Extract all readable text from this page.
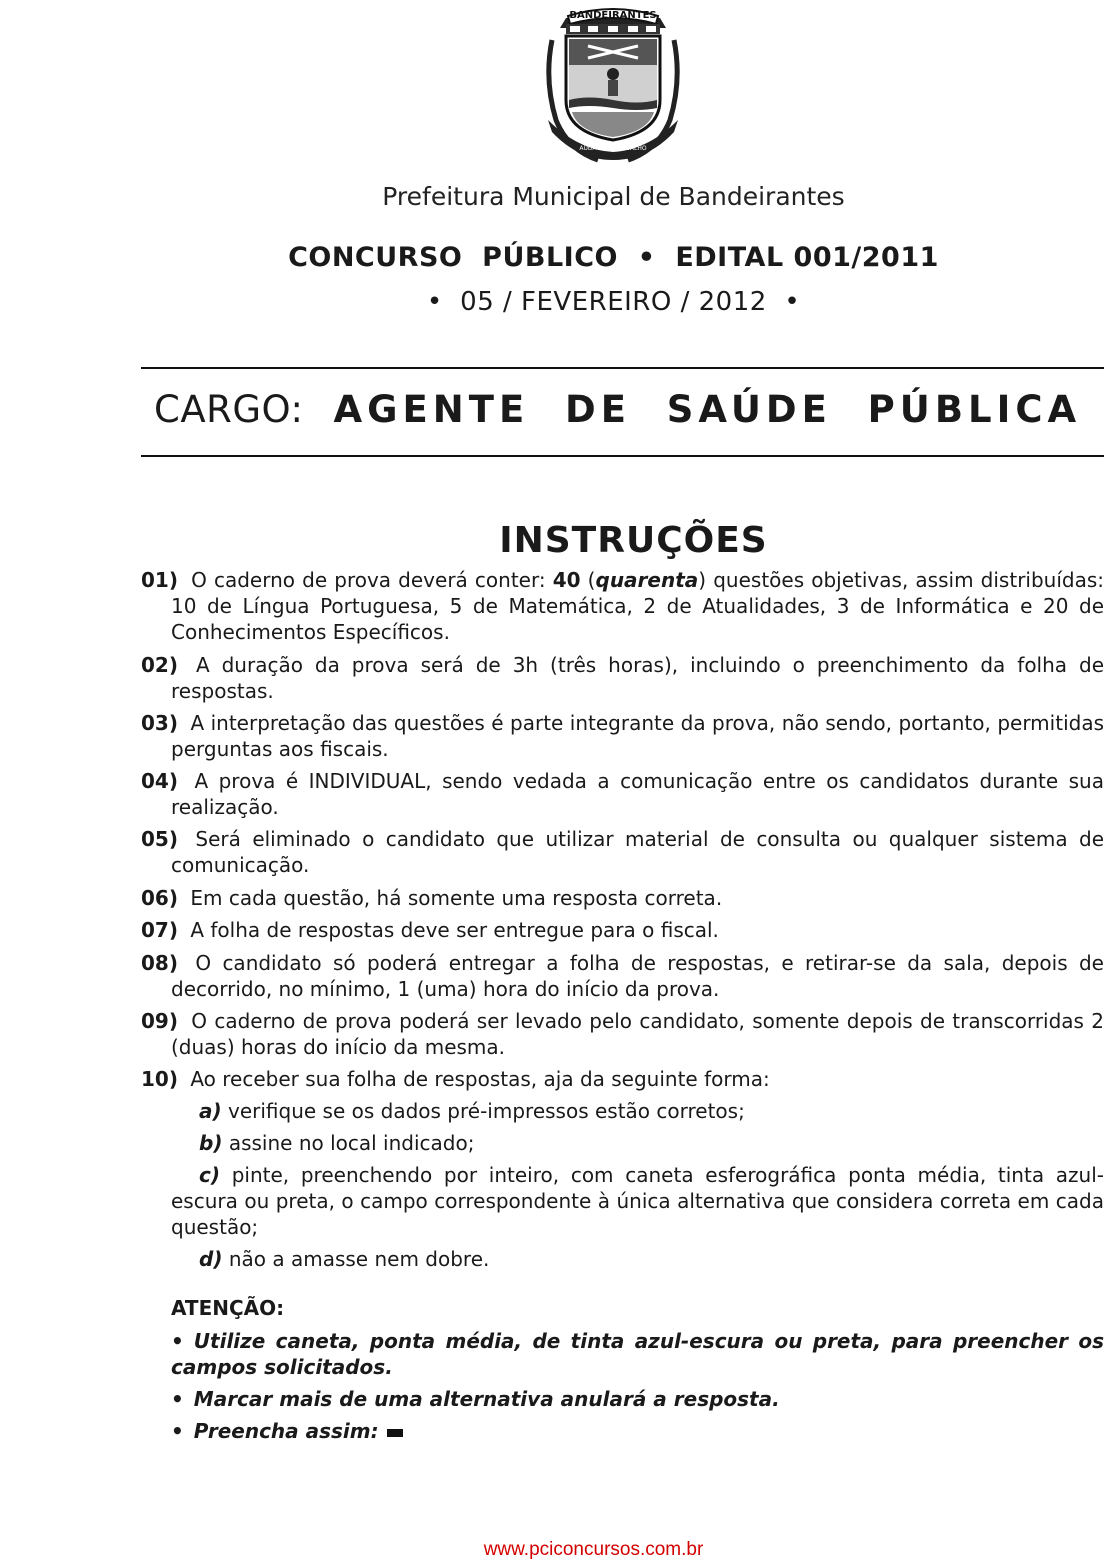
BANDEIRANTES
AUDÁCIA E TRABALHO
Prefeitura Municipal de Bandeirantes
CONCURSO  PÚBLICO  •  EDITAL 001/2011
•  05 / FEVEREIRO / 2012  •
CARGO: AGENTE  DE  SAÚDE  PÚBLICA
INSTRUÇÕES
01) O caderno de prova deverá conter: 40 (quarenta) questões objetivas, assim distribuídas: 10 de Língua Portuguesa, 5 de Matemática, 2 de Atualidades, 3 de Informática e 20 de Conhecimentos Específicos.
02) A duração da prova será de 3h (três horas), incluindo o preenchimento da folha de respostas.
03) A interpretação das questões é parte integrante da prova, não sendo, portanto, permitidas perguntas aos fiscais.
04) A prova é INDIVIDUAL, sendo vedada a comunicação entre os candidatos durante sua realização.
05) Será eliminado o candidato que utilizar material de consulta ou qualquer sistema de comunicação.
06) Em cada questão, há somente uma resposta correta.
07) A folha de respostas deve ser entregue para o fiscal.
08) O candidato só poderá entregar a folha de respostas, e retirar-se da sala, depois de decorrido, no mínimo, 1 (uma) hora do início da prova.
09) O caderno de prova poderá ser levado pelo candidato, somente depois de transcorridas 2 (duas) horas do início da mesma.
10) Ao receber sua folha de respostas, aja da seguinte forma:
a) verifique se os dados pré-impressos estão corretos;
b) assine no local indicado;
c) pinte, preenchendo por inteiro, com caneta esferográfica ponta média, tinta azul-escura ou preta, o campo correspondente à única alternativa que considera correta em cada questão;
d) não a amasse nem dobre.
ATENÇÃO:
• Utilize caneta, ponta média, de tinta azul-escura ou preta, para preencher os campos solicitados.
• Marcar mais de uma alternativa anulará a resposta.
• Preencha assim:
www.pciconcursos.com.br
